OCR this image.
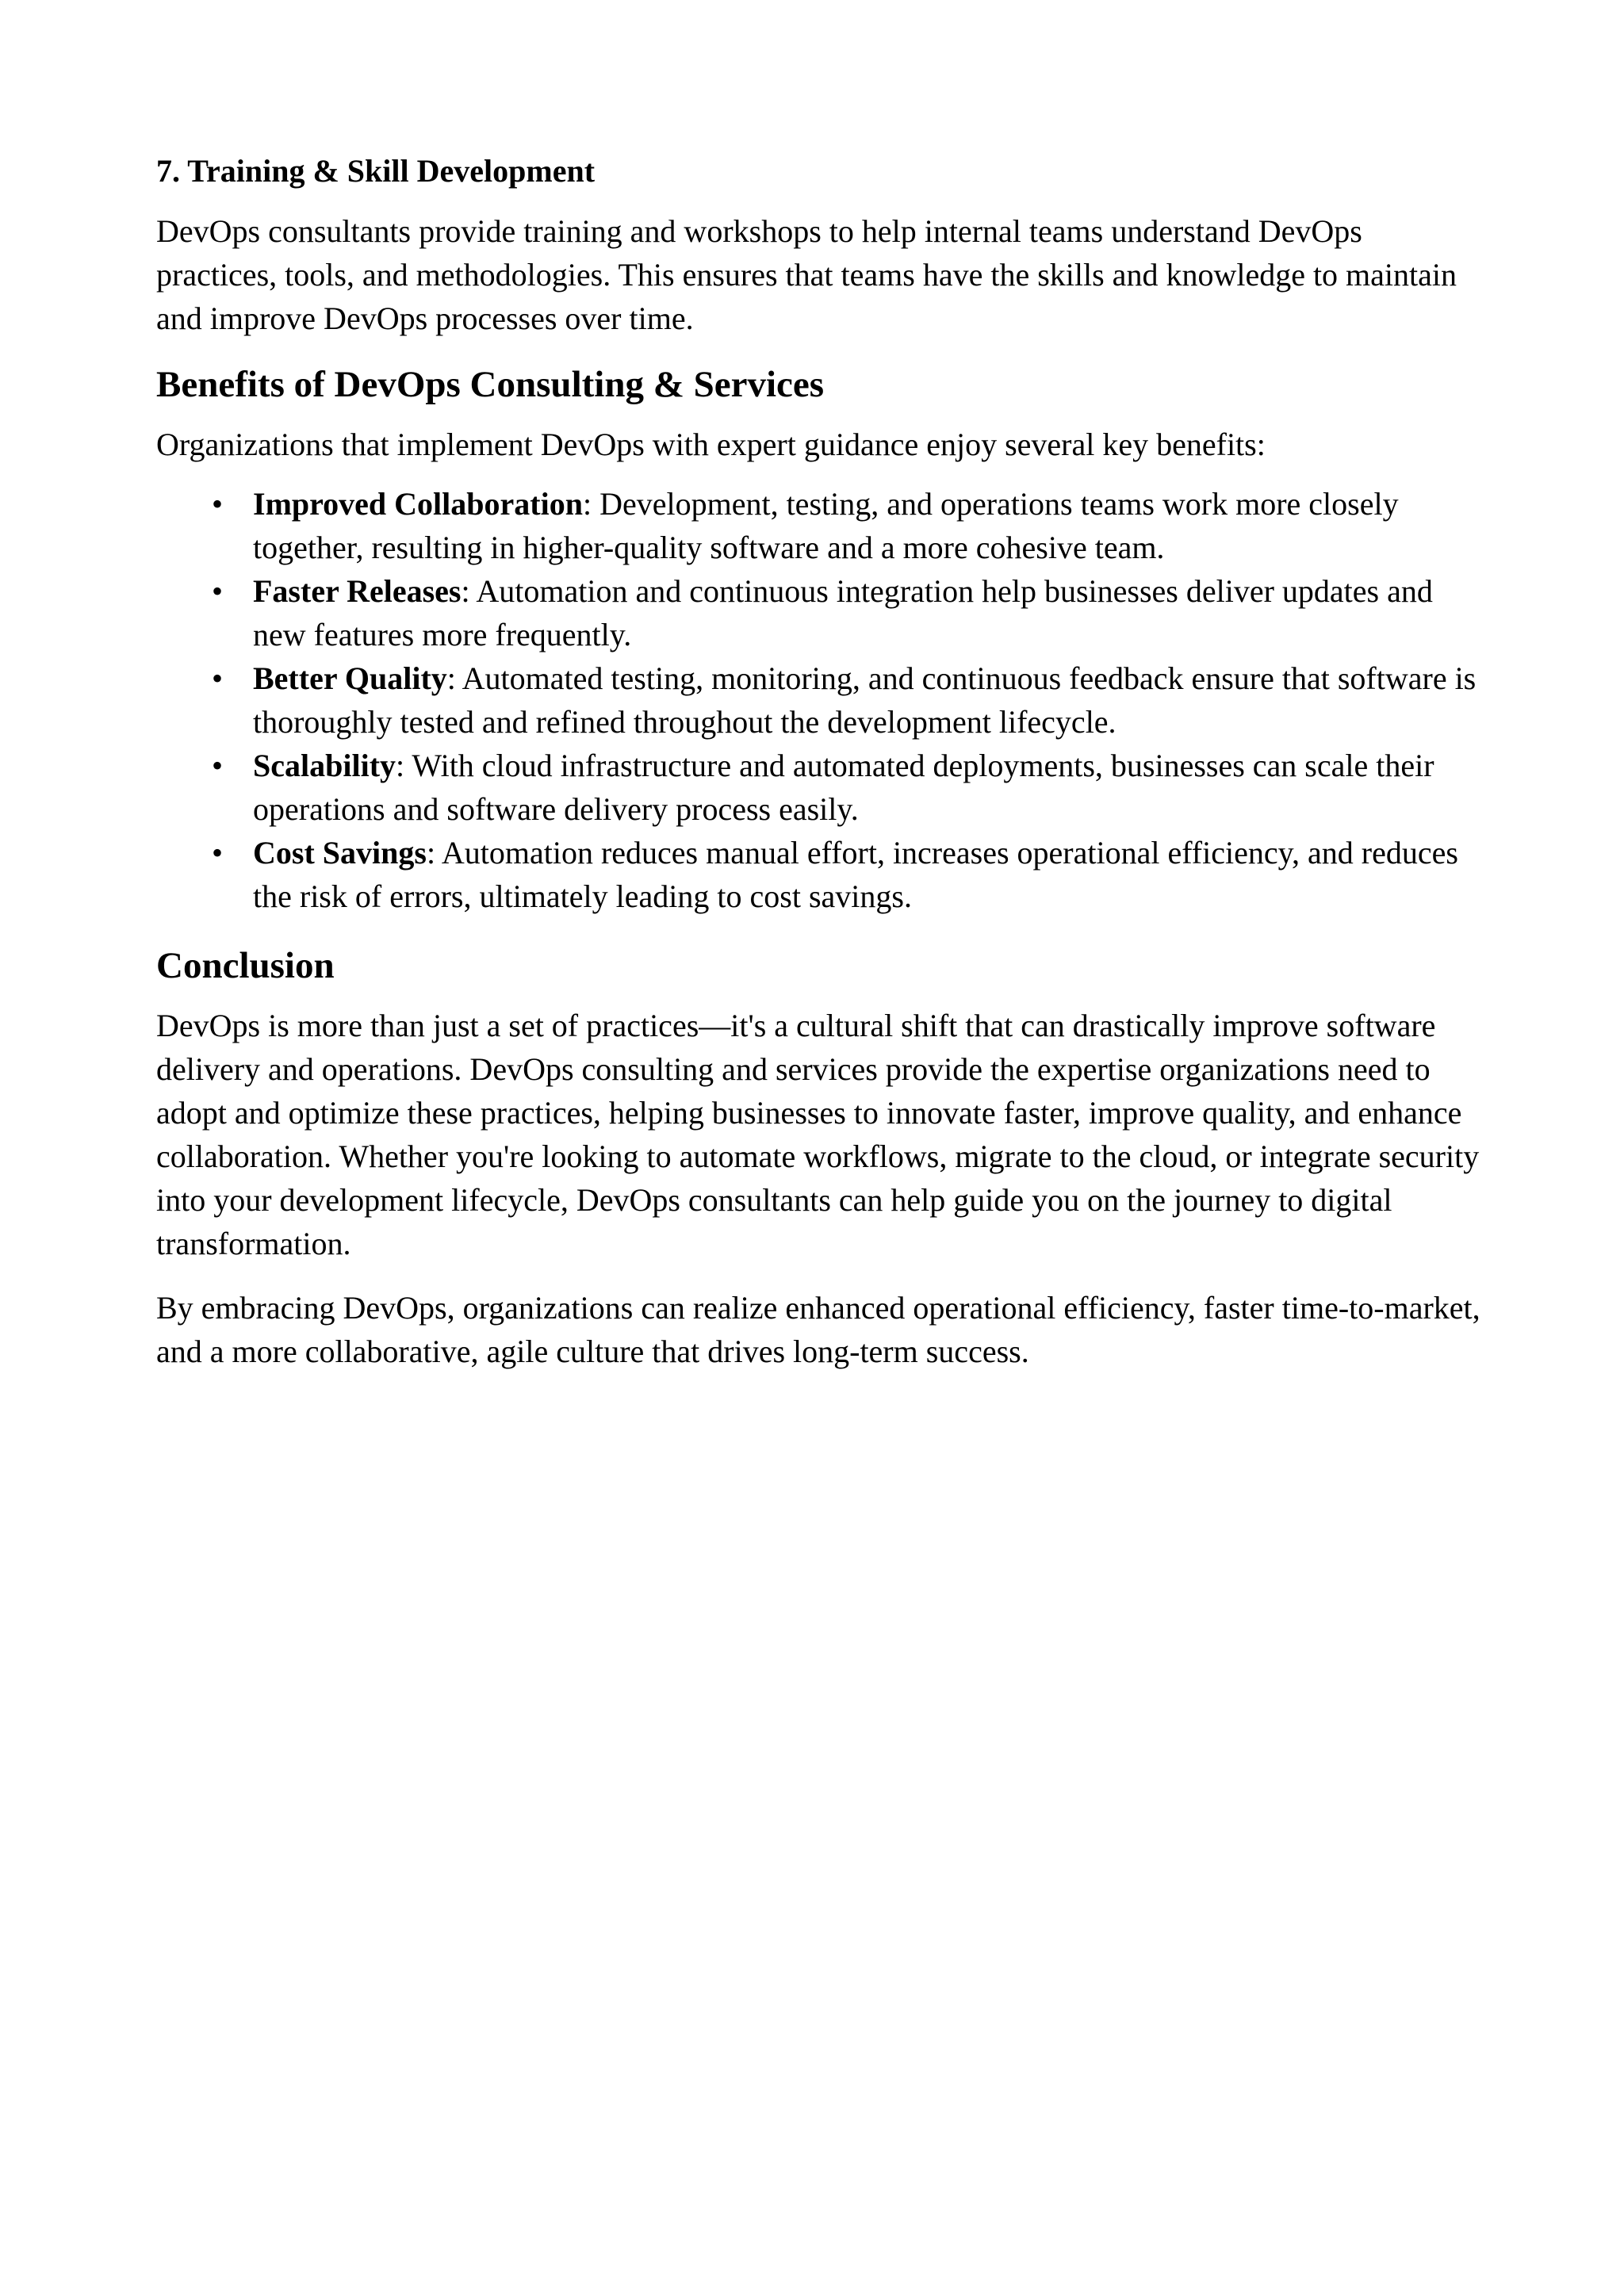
7. Training & Skill Development

DevOps consultants provide training and workshops to help internal teams understand DevOps practices, tools, and methodologies. This ensures that teams have the skills and knowledge to maintain and improve DevOps processes over time.

Benefits of DevOps Consulting & Services

Organizations that implement DevOps with expert guidance enjoy several key benefits:

• Improved Collaboration: Development, testing, and operations teams work more closely together, resulting in higher-quality software and a more cohesive team.
• Faster Releases: Automation and continuous integration help businesses deliver updates and new features more frequently.
• Better Quality: Automated testing, monitoring, and continuous feedback ensure that software is thoroughly tested and refined throughout the development lifecycle.
• Scalability: With cloud infrastructure and automated deployments, businesses can scale their operations and software delivery process easily.
• Cost Savings: Automation reduces manual effort, increases operational efficiency, and reduces the risk of errors, ultimately leading to cost savings.
Conclusion

DevOps is more than just a set of practices—it's a cultural shift that can drastically improve software delivery and operations. DevOps consulting and services provide the expertise organizations need to adopt and optimize these practices, helping businesses to innovate faster, improve quality, and enhance collaboration. Whether you're looking to automate workflows, migrate to the cloud, or integrate security into your development lifecycle, DevOps consultants can help guide you on the journey to digital transformation.

By embracing DevOps, organizations can realize enhanced operational efficiency, faster time-to-market, and a more collaborative, agile culture that drives long-term success.
